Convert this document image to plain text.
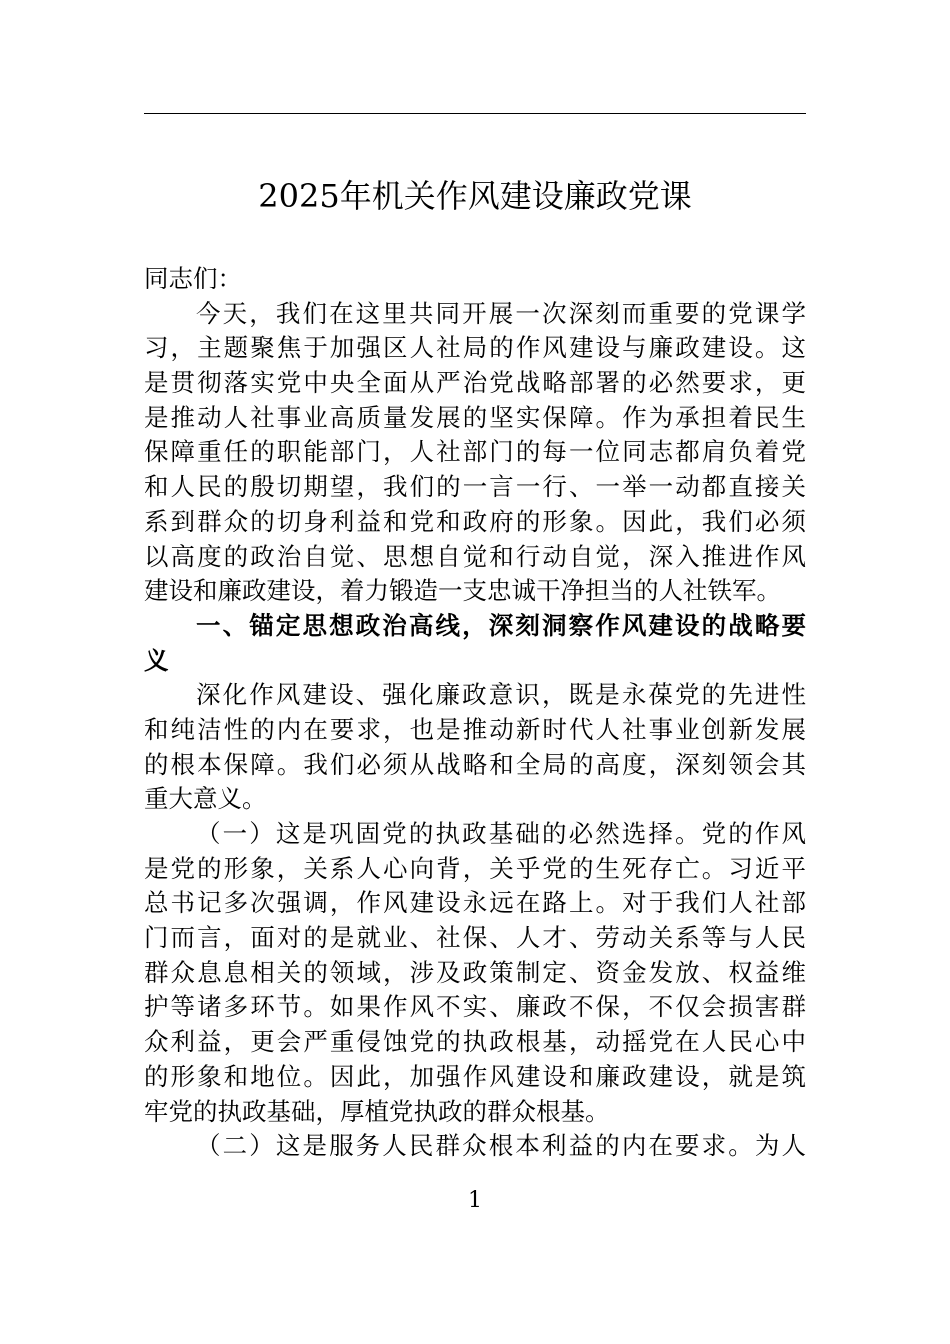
2025年机关作风建设廉政党课
同志们：
今天，我们在这里共同开展一次深刻而重要的党课学
习，主题聚焦于加强区人社局的作风建设与廉政建设。这
是贯彻落实党中央全面从严治党战略部署的必然要求，更
是推动人社事业高质量发展的坚实保障。作为承担着民生
保障重任的职能部门，人社部门的每一位同志都肩负着党
和人民的殷切期望，我们的一言一行、一举一动都直接关
系到群众的切身利益和党和政府的形象。因此，我们必须
以高度的政治自觉、思想自觉和行动自觉，深入推进作风
建设和廉政建设，着力锻造一支忠诚干净担当的人社铁军。
一、锚定思想政治高线，深刻洞察作风建设的战略要
义
深化作风建设、强化廉政意识，既是永葆党的先进性
和纯洁性的内在要求，也是推动新时代人社事业创新发展
的根本保障。我们必须从战略和全局的高度，深刻领会其
重大意义。
（一）这是巩固党的执政基础的必然选择。党的作风
是党的形象，关系人心向背，关乎党的生死存亡。习近平
总书记多次强调，作风建设永远在路上。对于我们人社部
门而言，面对的是就业、社保、人才、劳动关系等与人民
群众息息相关的领域，涉及政策制定、资金发放、权益维
护等诸多环节。如果作风不实、廉政不保，不仅会损害群
众利益，更会严重侵蚀党的执政根基，动摇党在人民心中
的形象和地位。因此，加强作风建设和廉政建设，就是筑
牢党的执政基础，厚植党执政的群众根基。
（二）这是服务人民群众根本利益的内在要求。为人
1
